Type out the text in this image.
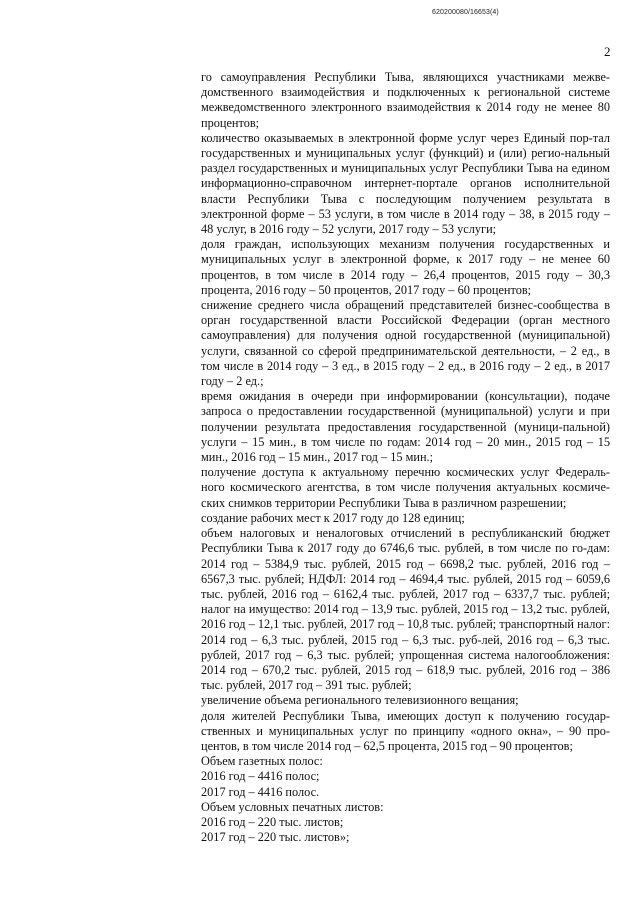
620200080/16653(4)
2

го самоуправления Республики Тыва, являющихся участниками межве-домственного взаимодействия и подключенных к региональной системе межведомственного электронного взаимодействия к 2014 году не менее 80 процентов;

количество оказываемых в электронной форме услуг через Единый пор-тал государственных и муниципальных услуг (функций) и (или) регио-нальный раздел государственных и муниципальных услуг Республики Тыва на едином информационно-справочном интернет-портале органов исполнительной власти Республики Тыва с последующим получением результата в электронной форме – 53 услуги, в том числе в 2014 году – 38, в 2015 году – 48 услуг, в 2016 году – 52 услуги, 2017 году – 53 услуги;

доля граждан, использующих механизм получения государственных и муниципальных услуг в электронной форме, к 2017 году – не менее 60 процентов, в том числе в 2014 году – 26,4 процентов, 2015 году – 30,3 процента, 2016 году – 50 процентов, 2017 году – 60 процентов;

снижение среднего числа обращений представителей бизнес-сообщества в орган государственной власти Российской Федерации (орган местного самоуправления) для получения одной государственной (муниципальной) услуги, связанной со сферой предпринимательской деятельности, – 2 ед., в том числе в 2014 году – 3 ед., в 2015 году – 2 ед., в 2016 году – 2 ед., в 2017 году – 2 ед.;

время ожидания в очереди при информировании (консультации), подаче запроса о предоставлении государственной (муниципальной) услуги и при получении результата предоставления государственной (муници-пальной) услуги – 15 мин., в том числе по годам: 2014 год – 20 мин., 2015 год – 15 мин., 2016 год – 15 мин., 2017 год – 15 мин.;

получение доступа к актуальному перечню космических услуг Федераль-ного космического агентства, в том числе получения актуальных космиче-ских снимков территории Республики Тыва в различном разрешении;

создание рабочих мест к 2017 году до 128 единиц;

объем налоговых и неналоговых отчислений в республиканский бюджет Республики Тыва к 2017 году до 6746,6 тыс. рублей, в том числе по го-дам: 2014 год – 5384,9 тыс. рублей, 2015 год – 6698,2 тыс. рублей, 2016 год – 6567,3 тыс. рублей; НДФЛ: 2014 год – 4694,4 тыс. рублей, 2015 год – 6059,6 тыс. рублей, 2016 год – 6162,4 тыс. рублей, 2017 год – 6337,7 тыс. рублей; налог на имущество: 2014 год – 13,9 тыс. рублей, 2015 год – 13,2 тыс. рублей, 2016 год – 12,1 тыс. рублей, 2017 год – 10,8 тыс. рублей; транспортный налог: 2014 год – 6,3 тыс. рублей, 2015 год – 6,3 тыс. руб-лей, 2016 год – 6,3 тыс. рублей, 2017 год – 6,3 тыс. рублей; упрощенная система налогообложения: 2014 год – 670,2 тыс. рублей, 2015 год – 618,9 тыс. рублей, 2016 год – 386 тыс. рублей, 2017 год – 391 тыс. рублей;

увеличение объема регионального телевизионного вещания;

доля жителей Республики Тыва, имеющих доступ к получению государ-ственных и муниципальных услуг по принципу «одного окна», – 90 про-центов, в том числе 2014 год – 62,5 процента, 2015 год – 90 процентов;

Объем газетных полос:

2016 год – 4416 полос;

2017 год – 4416 полос.

Объем условных печатных листов:

2016 год – 220 тыс. листов;

2017 год – 220 тыс. листов»;
